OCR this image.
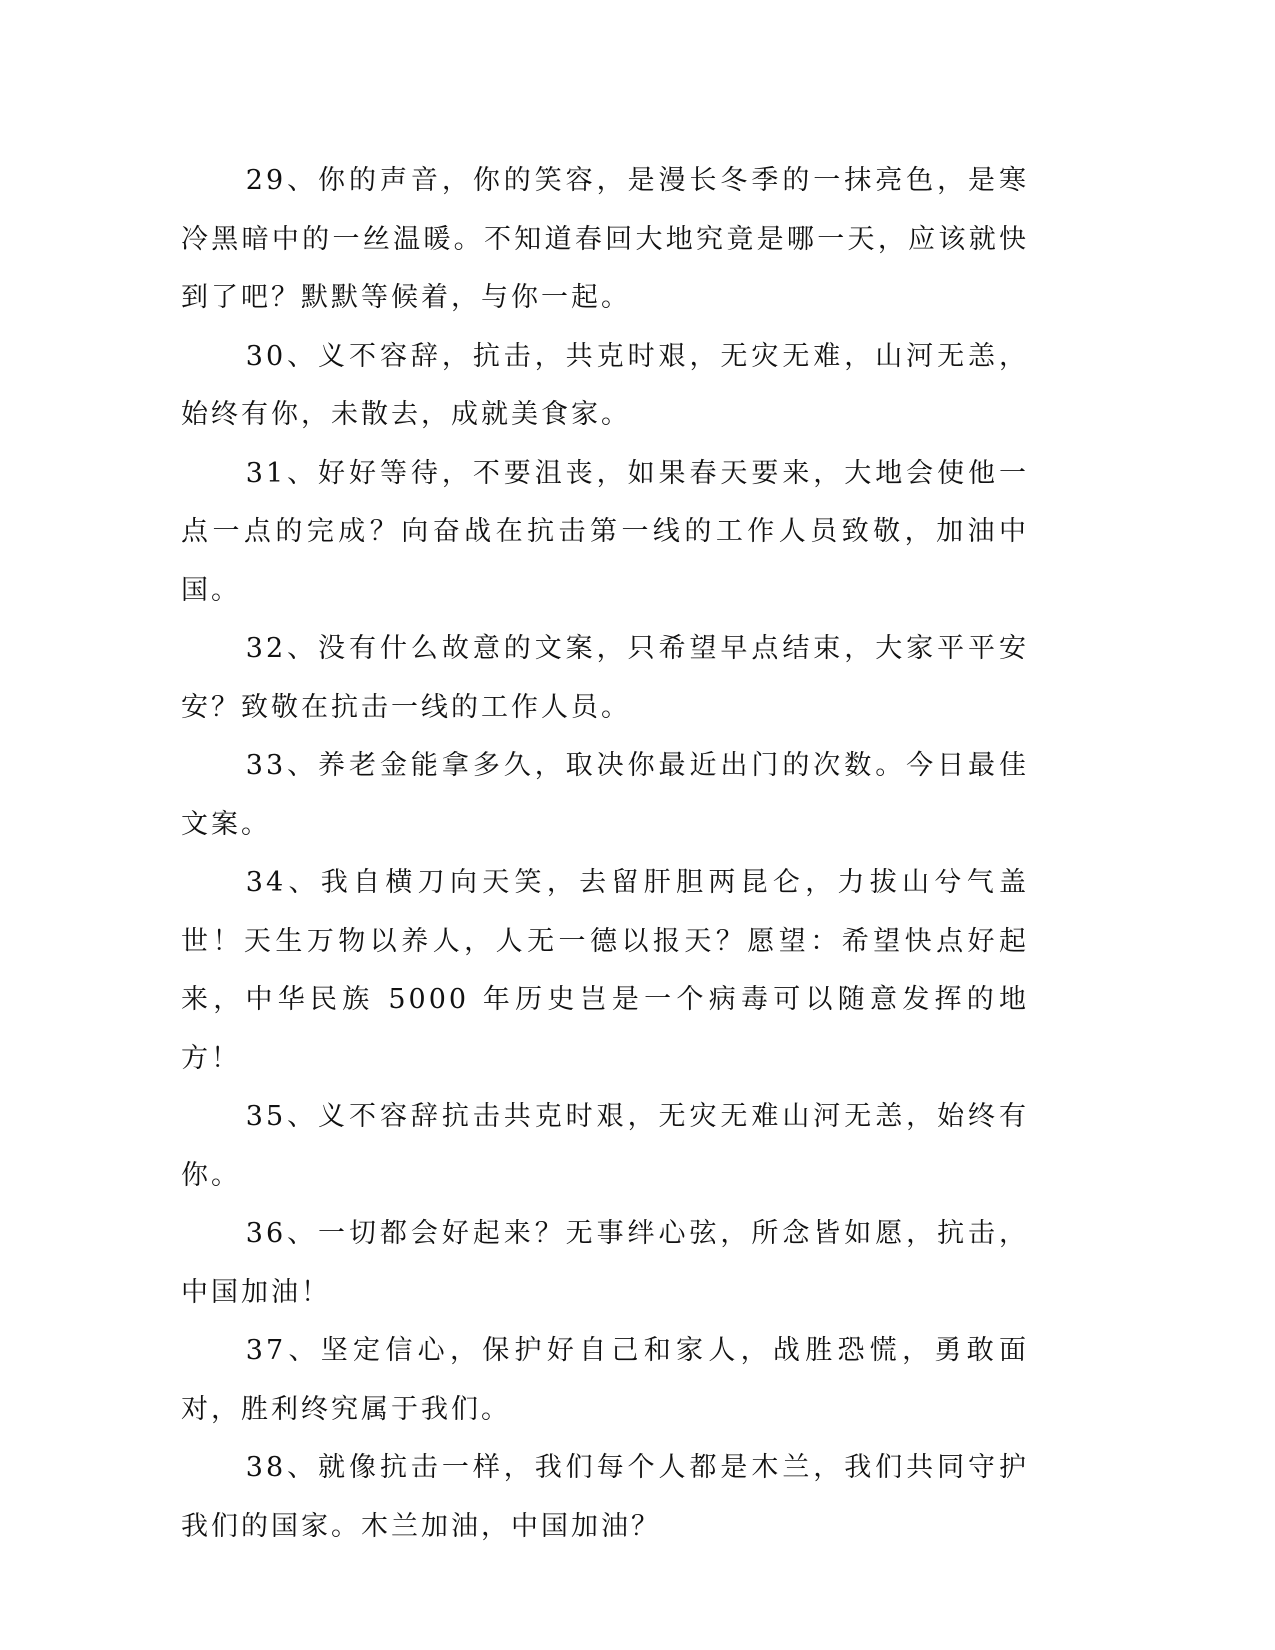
29、你的声音，你的笑容，是漫长冬季的一抹亮色，是寒冷黑暗中的一丝温暖。不知道春回大地究竟是哪一天，应该就快到了吧？默默等候着，与你一起。

30、义不容辞，抗击，共克时艰，无灾无难，山河无恙，始终有你，未散去，成就美食家。

31、好好等待，不要沮丧，如果春天要来，大地会使他一点一点的完成？向奋战在抗击第一线的工作人员致敬，加油中国。

32、没有什么故意的文案，只希望早点结束，大家平平安安？致敬在抗击一线的工作人员。

33、养老金能拿多久，取决你最近出门的次数。今日最佳文案。

34、我自横刀向天笑，去留肝胆两昆仑，力拔山兮气盖世！天生万物以养人，人无一德以报天？愿望：希望快点好起来，中华民族 5000 年历史岂是一个病毒可以随意发挥的地方！

35、义不容辞抗击共克时艰，无灾无难山河无恙，始终有你。

36、一切都会好起来？无事绊心弦，所念皆如愿，抗击，中国加油！

37、坚定信心，保护好自己和家人，战胜恐慌，勇敢面对，胜利终究属于我们。

38、就像抗击一样，我们每个人都是木兰，我们共同守护我们的国家。木兰加油，中国加油？
